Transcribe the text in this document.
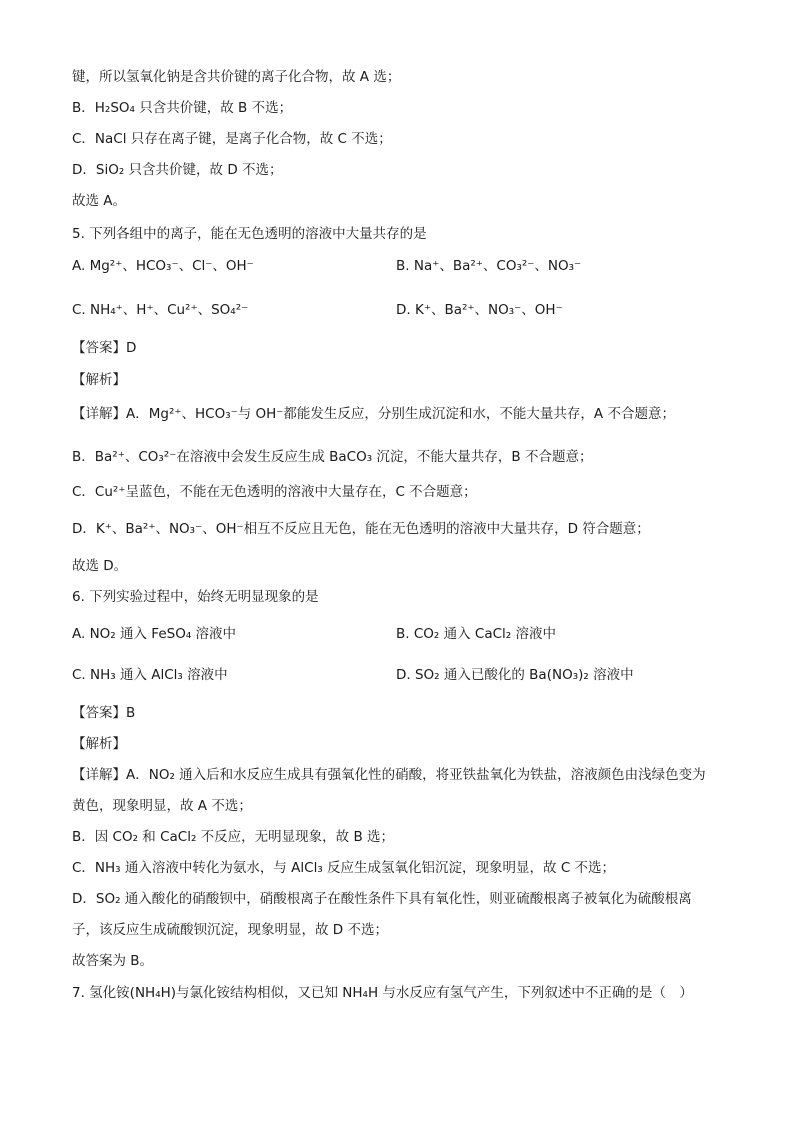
键，所以氢氧化钠是含共价键的离子化合物，故 A 选；
B．H₂SO₄ 只含共价键，故 B 不选；
C．NaCl 只存在离子键，是离子化合物，故 C 不选；
D．SiO₂ 只含共价键，故 D 不选；
故选 A。
5. 下列各组中的离子，能在无色透明的溶液中大量共存的是
A. Mg²⁺、HCO₃⁻、Cl⁻、OH⁻	B. Na⁺、Ba²⁺、CO₃²⁻、NO₃⁻
C. NH₄⁺、H⁺、Cu²⁺、SO₄²⁻	D. K⁺、Ba²⁺、NO₃⁻、OH⁻
【答案】D
【解析】
【详解】A．Mg²⁺、HCO₃⁻与 OH⁻都能发生反应，分别生成沉淀和水，不能大量共存，A 不合题意；
B．Ba²⁺、CO₃²⁻在溶液中会发生反应生成 BaCO₃ 沉淀，不能大量共存，B 不合题意；
C．Cu²⁺呈蓝色，不能在无色透明的溶液中大量存在，C 不合题意；
D．K⁺、Ba²⁺、NO₃⁻、OH⁻相互不反应且无色，能在无色透明的溶液中大量共存，D 符合题意；
故选 D。
6. 下列实验过程中，始终无明显现象的是
A. NO₂ 通入 FeSO₄ 溶液中	B. CO₂ 通入 CaCl₂ 溶液中
C. NH₃ 通入 AlCl₃ 溶液中	D. SO₂ 通入已酸化的 Ba(NO₃)₂ 溶液中
【答案】B
【解析】
【详解】A．NO₂ 通入后和水反应生成具有强氧化性的硝酸，将亚铁盐氧化为铁盐，溶液颜色由浅绿色变为
黄色，现象明显，故 A 不选；
B．因 CO₂ 和 CaCl₂ 不反应，无明显现象，故 B 选；
C．NH₃ 通入溶液中转化为氨水，与 AlCl₃ 反应生成氢氧化铝沉淀，现象明显，故 C 不选；
D．SO₂ 通入酸化的硝酸钡中，硝酸根离子在酸性条件下具有氧化性，则亚硫酸根离子被氧化为硫酸根离
子，该反应生成硫酸钡沉淀，现象明显，故 D 不选；
故答案为 B。
7. 氢化铵(NH₄H)与氯化铵结构相似，又已知 NH₄H 与水反应有氢气产生，下列叙述中不正确的是（　）
